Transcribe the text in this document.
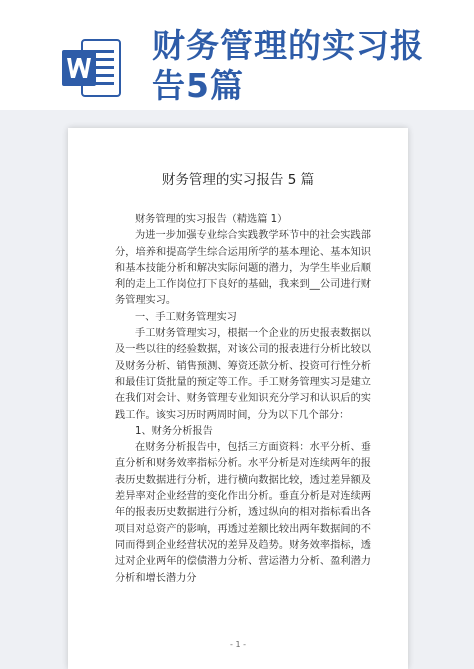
财务管理的实习报告5篇
财务管理的实习报告 5 篇

财务管理的实习报告（精选篇 1）

为进一步加强专业综合实践教学环节中的社会实践部分，培养和提高学生综合运用所学的基本理论、基本知识和基本技能分析和解决实际问题的潜力，为学生毕业后顺利的走上工作岗位打下良好的基础，我来到__公司进行财务管理实习。

一、手工财务管理实习

手工财务管理实习，根据一个企业的历史报表数据以及一些以往的经验数据，对该公司的报表进行分析比较以及财务分析、销售预测、筹资还款分析、投资可行性分析和最佳订货批量的预定等工作。手工财务管理实习是建立在我们对会计、财务管理专业知识充分学习和认识后的实践工作。该实习历时两周时间，分为以下几个部分：

1、财务分析报告

在财务分析报告中，包括三方面资料：水平分析、垂直分析和财务效率指标分析。水平分析是对连续两年的报表历史数据进行分析，进行横向数据比较，透过差异额及差异率对企业经营的变化作出分析。垂直分析是对连续两年的报表历史数据进行分析，透过纵向的相对指标看出各项目对总资产的影响，再透过差额比较出两年数据间的不同而得到企业经营状况的差异及趋势。财务效率指标，透过对企业两年的偿债潜力分析、营运潜力分析、盈利潜力分析和增长潜力分

- 1 -
